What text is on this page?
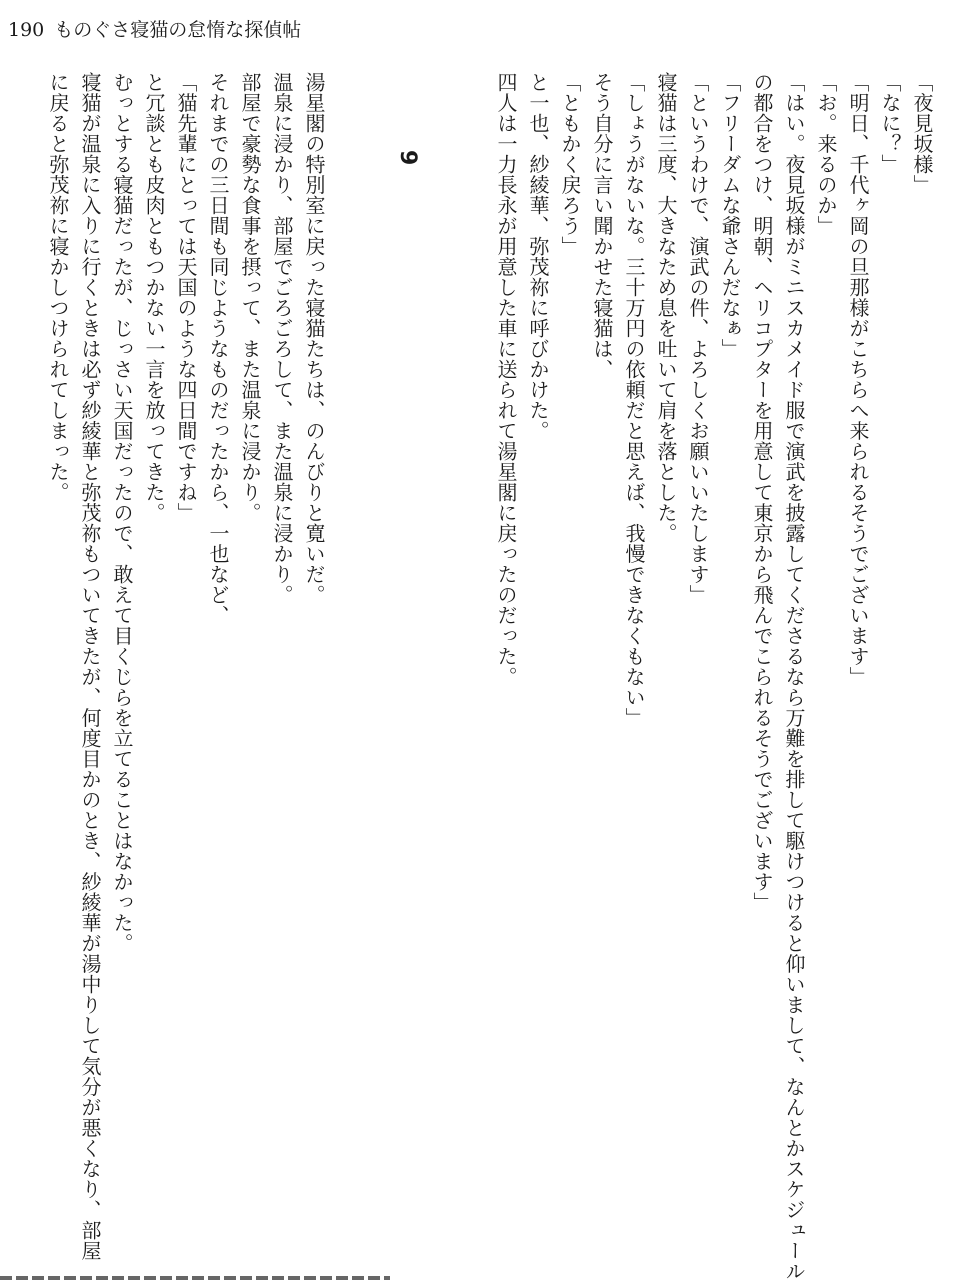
190 ものぐさ寝猫の怠惰な探偵帖

「夜見坂様」

「なに？」

「明日、千代ヶ岡の旦那様がこちらへ来られるそうでございます」

「お。来るのか」

「はい。夜見坂様がミニスカメイド服で演武を披露してくださるなら万難を排して駆けつけると仰いまして、なんとかスケジュール

の都合をつけ、明朝、ヘリコプターを用意して東京から飛んでこられるそうでございます」

「フリーダムな爺さんだなぁ」

「というわけで、演武の件、よろしくお願いいたします」

寝猫は三度、大きなため息を吐いて肩を落とした。

「しょうがないな。三十万円の依頼だと思えば、我慢できなくもない」

そう自分に言い聞かせた寝猫は、

「ともかく戻ろう」

と一也、紗綾華、弥茂祢に呼びかけた。

四人は一力長永が用意した車に送られて湯星閣に戻ったのだった。

9

湯星閣の特別室に戻った寝猫たちは、のんびりと寛いだ。

温泉に浸かり、部屋でごろごろして、また温泉に浸かり。

部屋で豪勢な食事を摂って、また温泉に浸かり。

それまでの三日間も同じようなものだったから、一也など、

「猫先輩にとっては天国のような四日間ですね」

と冗談とも皮肉ともつかない一言を放ってきた。

むっとする寝猫だったが、じっさい天国だったので、敢えて目くじらを立てることはなかった。

寝猫が温泉に入りに行くときは必ず紗綾華と弥茂祢もついてきたが、何度目かのとき、紗綾華が湯中りして気分が悪くなり、部屋

に戻ると弥茂祢に寝かしつけられてしまった。
